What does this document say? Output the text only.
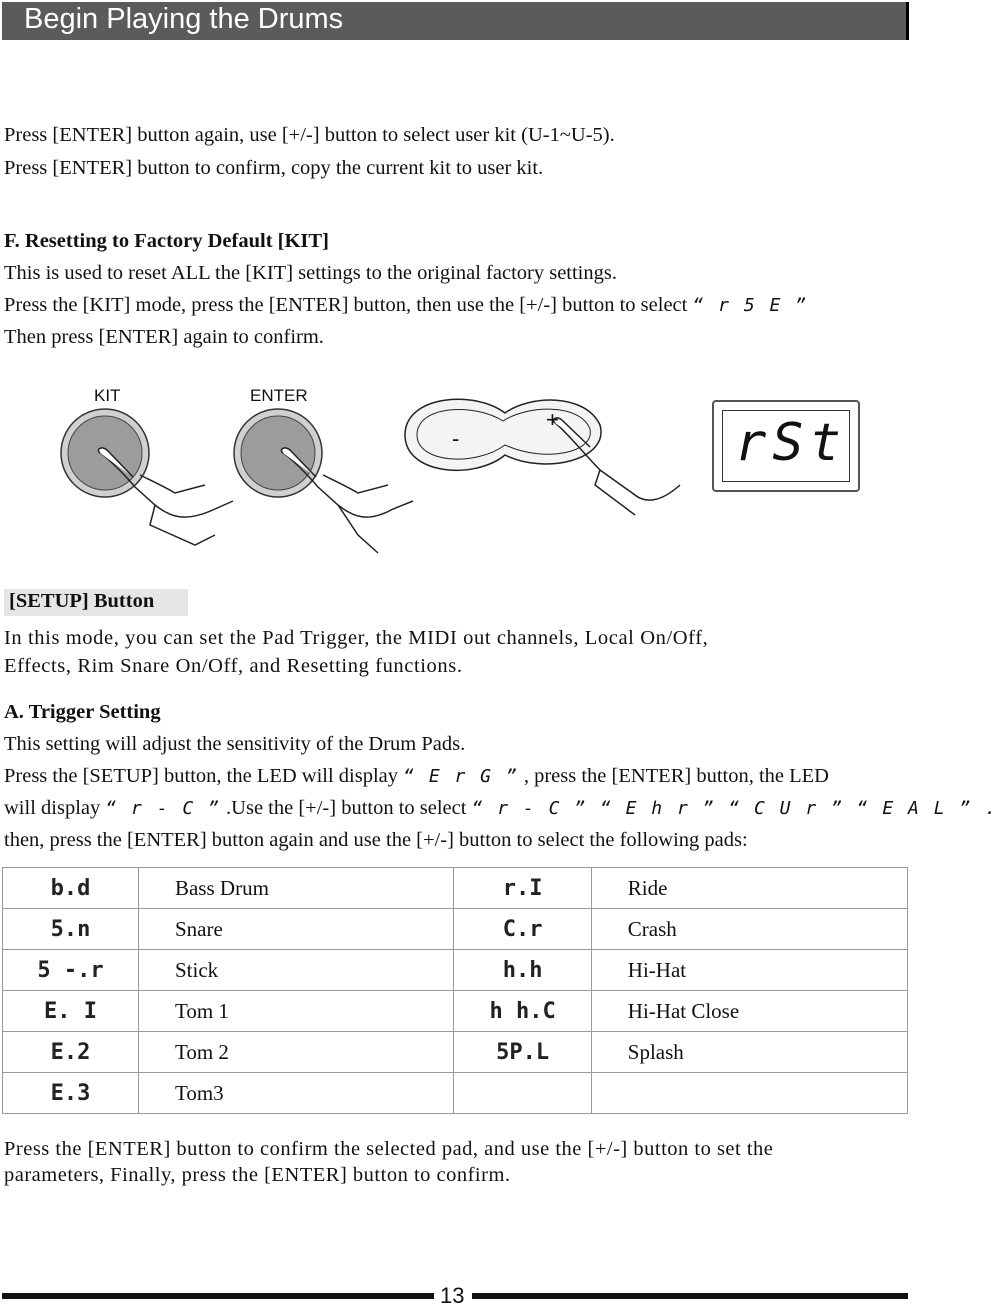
Begin Playing the Drums
Press [ENTER] button again, use [+/-] button to select user kit (U-1~U-5).
Press [ENTER] button to confirm, copy the current kit to user kit.
F. Resetting to Factory Default [KIT]
This is used to reset ALL the [KIT] settings to the original factory settings.
Press the [KIT] mode, press the [ENTER] button, then use the [+/-] button to select “ r 5 E ”
Then press [ENTER] again to confirm.
KIT	ENTER
-
+	rSt
[SETUP] Button
In this mode, you can set the Pad Trigger, the MIDI out channels, Local On/Off,
Effects, Rim Snare On/Off, and Resetting functions.
A. Trigger Setting
This setting will adjust the sensitivity of the Drum Pads.
Press the [SETUP] button, the LED will display “ E r G ” , press the [ENTER] button, the LED
will display “ r - C ” .Use the [+/-] button to select “ r - C ” “ E h r ” “ C U r ” “ E A L ” .
then, press the [ENTER] button again and use the [+/-] button to select the following pads:
b.d	Bass Drum	r.I	Ride
5.n	Snare	C.r	Crash
5 -.r	Stick	h.h	Hi-Hat
E. I	Tom 1	h h.C	Hi-Hat Close
E.2	Tom 2	5P.L	Splash
E.3	Tom3		
Press the [ENTER] button to confirm the selected pad, and use the [+/-] button to set the
parameters, Finally, press the [ENTER] button to confirm.
13
